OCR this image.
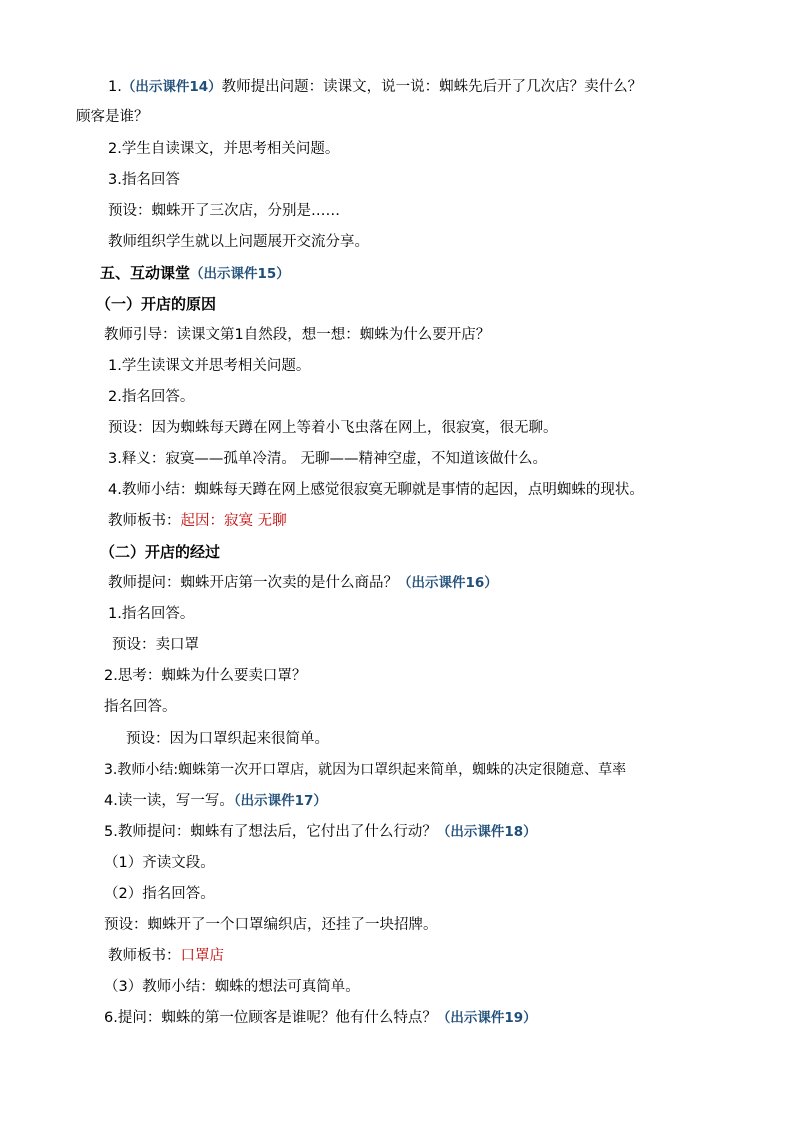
1.（出示课件14）教师提出问题：读课文，说一说：蜘蛛先后开了几次店？卖什么？
顾客是谁？
2.学生自读课文，并思考相关问题。
3.指名回答
预设：蜘蛛开了三次店，分别是……
教师组织学生就以上问题展开交流分享。
五、互动课堂（出示课件15）
（一）开店的原因
教师引导：读课文第1自然段，想一想：蜘蛛为什么要开店？
1.学生读课文并思考相关问题。
2.指名回答。
预设：因为蜘蛛每天蹲在网上等着小飞虫落在网上，很寂寞，很无聊。
3.释义：寂寞——孤单冷清。 无聊——精神空虚，不知道该做什么。
4.教师小结：蜘蛛每天蹲在网上感觉很寂寞无聊就是事情的起因，点明蜘蛛的现状。
教师板书：起因：寂寞 无聊
（二）开店的经过
教师提问：蜘蛛开店第一次卖的是什么商品？（出示课件16）
1.指名回答。
预设：卖口罩
2.思考：蜘蛛为什么要卖口罩？
指名回答。
预设：因为口罩织起来很简单。
3.教师小结:蜘蛛第一次开口罩店，就因为口罩织起来简单，蜘蛛的决定很随意、草率
4.读一读，写一写。（出示课件17）
5.教师提问：蜘蛛有了想法后，它付出了什么行动？（出示课件18）
（1）齐读文段。
（2）指名回答。
预设：蜘蛛开了一个口罩编织店，还挂了一块招牌。
教师板书：口罩店
（3）教师小结：蜘蛛的想法可真简单。
6.提问：蜘蛛的第一位顾客是谁呢？他有什么特点？（出示课件19）
